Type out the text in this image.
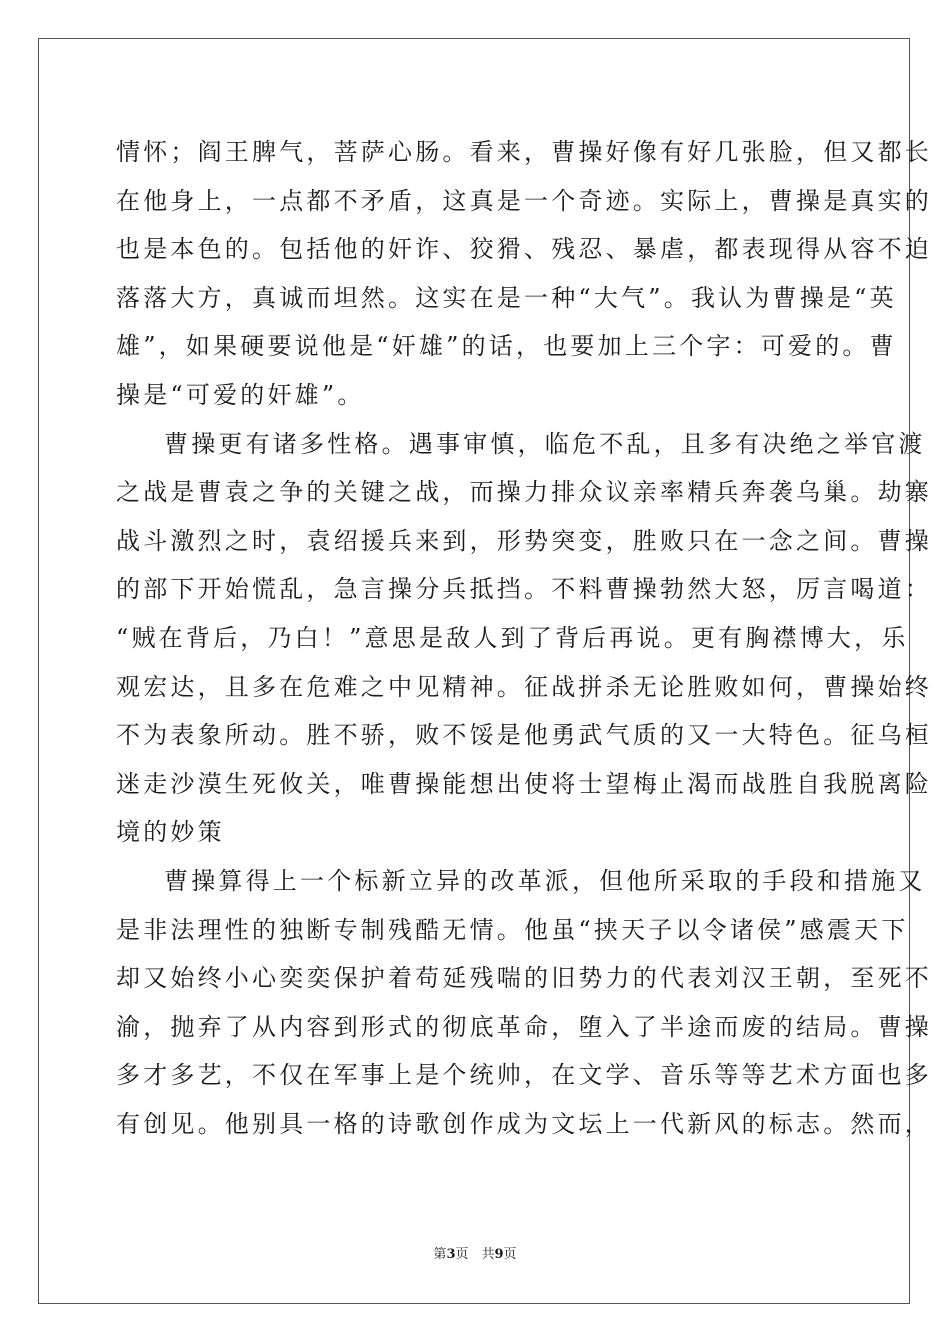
情怀；阎王脾气，菩萨心肠。看来，曹操好像有好几张脸，但又都长
在他身上，一点都不矛盾，这真是一个奇迹。实际上，曹操是真实的
也是本色的。包括他的奸诈、狡猾、残忍、暴虐，都表现得从容不迫
落落大方，真诚而坦然。这实在是一种“大气”。我认为曹操是“英
雄”，如果硬要说他是“奸雄”的话，也要加上三个字：可爱的。曹
操是“可爱的奸雄”。
曹操更有诸多性格。遇事审慎，临危不乱，且多有决绝之举官渡
之战是曹袁之争的关键之战，而操力排众议亲率精兵奔袭乌巢。劫寨
战斗激烈之时，袁绍援兵来到，形势突变，胜败只在一念之间。曹操
的部下开始慌乱，急言操分兵抵挡。不料曹操勃然大怒，厉言喝道：
“贼在背后，乃白！”意思是敌人到了背后再说。更有胸襟博大，乐
观宏达，且多在危难之中见精神。征战拼杀无论胜败如何，曹操始终
不为表象所动。胜不骄，败不馁是他勇武气质的又一大特色。征乌桓
迷走沙漠生死攸关，唯曹操能想出使将士望梅止渴而战胜自我脱离险
境的妙策
曹操算得上一个标新立异的改革派，但他所采取的手段和措施又
是非法理性的独断专制残酷无情。他虽“挟天子以令诸侯”感震天下
却又始终小心奕奕保护着苟延残喘的旧势力的代表刘汉王朝，至死不
渝，抛弃了从内容到形式的彻底革命，堕入了半途而废的结局。曹操
多才多艺，不仅在军事上是个统帅，在文学、音乐等等艺术方面也多
有创见。他别具一格的诗歌创作成为文坛上一代新风的标志。然而，
第3页　共9页
